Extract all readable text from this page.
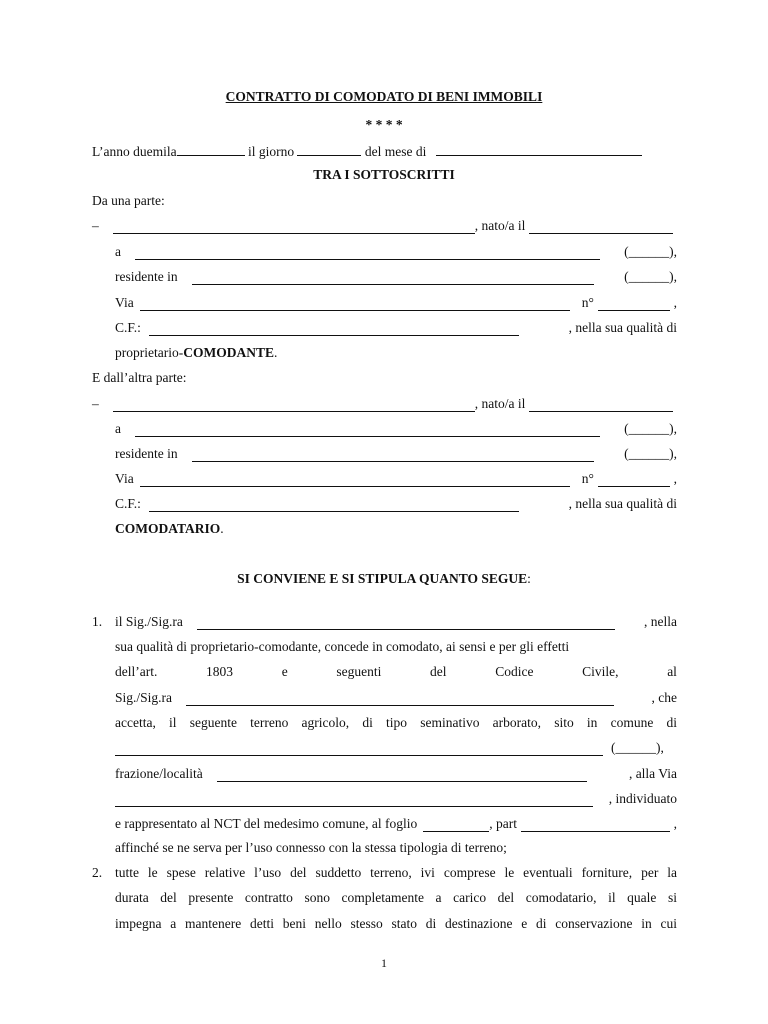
CONTRATTO DI COMODATO DI BENI IMMOBILI
* * * *
L’anno duemila	il giorno	del mese di
TRA I SOTTOSCRITTI
Da una parte:
–	, nato/a il
a	(______),
residente in	(______),
Via	n°	,
C.F.:	, nella sua qualità di
proprietario-COMODANTE.
E dall’altra parte:
–	, nato/a il
a	(______),
residente in	(______),
Via	n°	,
C.F.:	, nella sua qualità di
COMODATARIO.
SI CONVIENE E SI STIPULA QUANTO SEGUE:
1. il Sig./Sig.ra	, nella
sua qualità di proprietario-comodante, concede in comodato, ai sensi e per gli effetti
dell’art.	1803	e	seguenti	del	Codice	Civile,	al
Sig./Sig.ra	, che
accetta, il seguente terreno agricolo, di tipo seminativo arborato, sito in comune di
(______),
frazione/località	, alla Via
, individuato
e rappresentato al NCT del medesimo comune, al foglio	, part	,
affinché se ne serva per l’uso connesso con la stessa tipologia di terreno;
2. tutte le spese relative l’uso del suddetto terreno, ivi comprese le eventuali forniture, per la
durata del presente contratto sono completamente a carico del comodatario, il quale si
impegna a mantenere detti beni nello stesso stato di destinazione e di conservazione in cui
1
